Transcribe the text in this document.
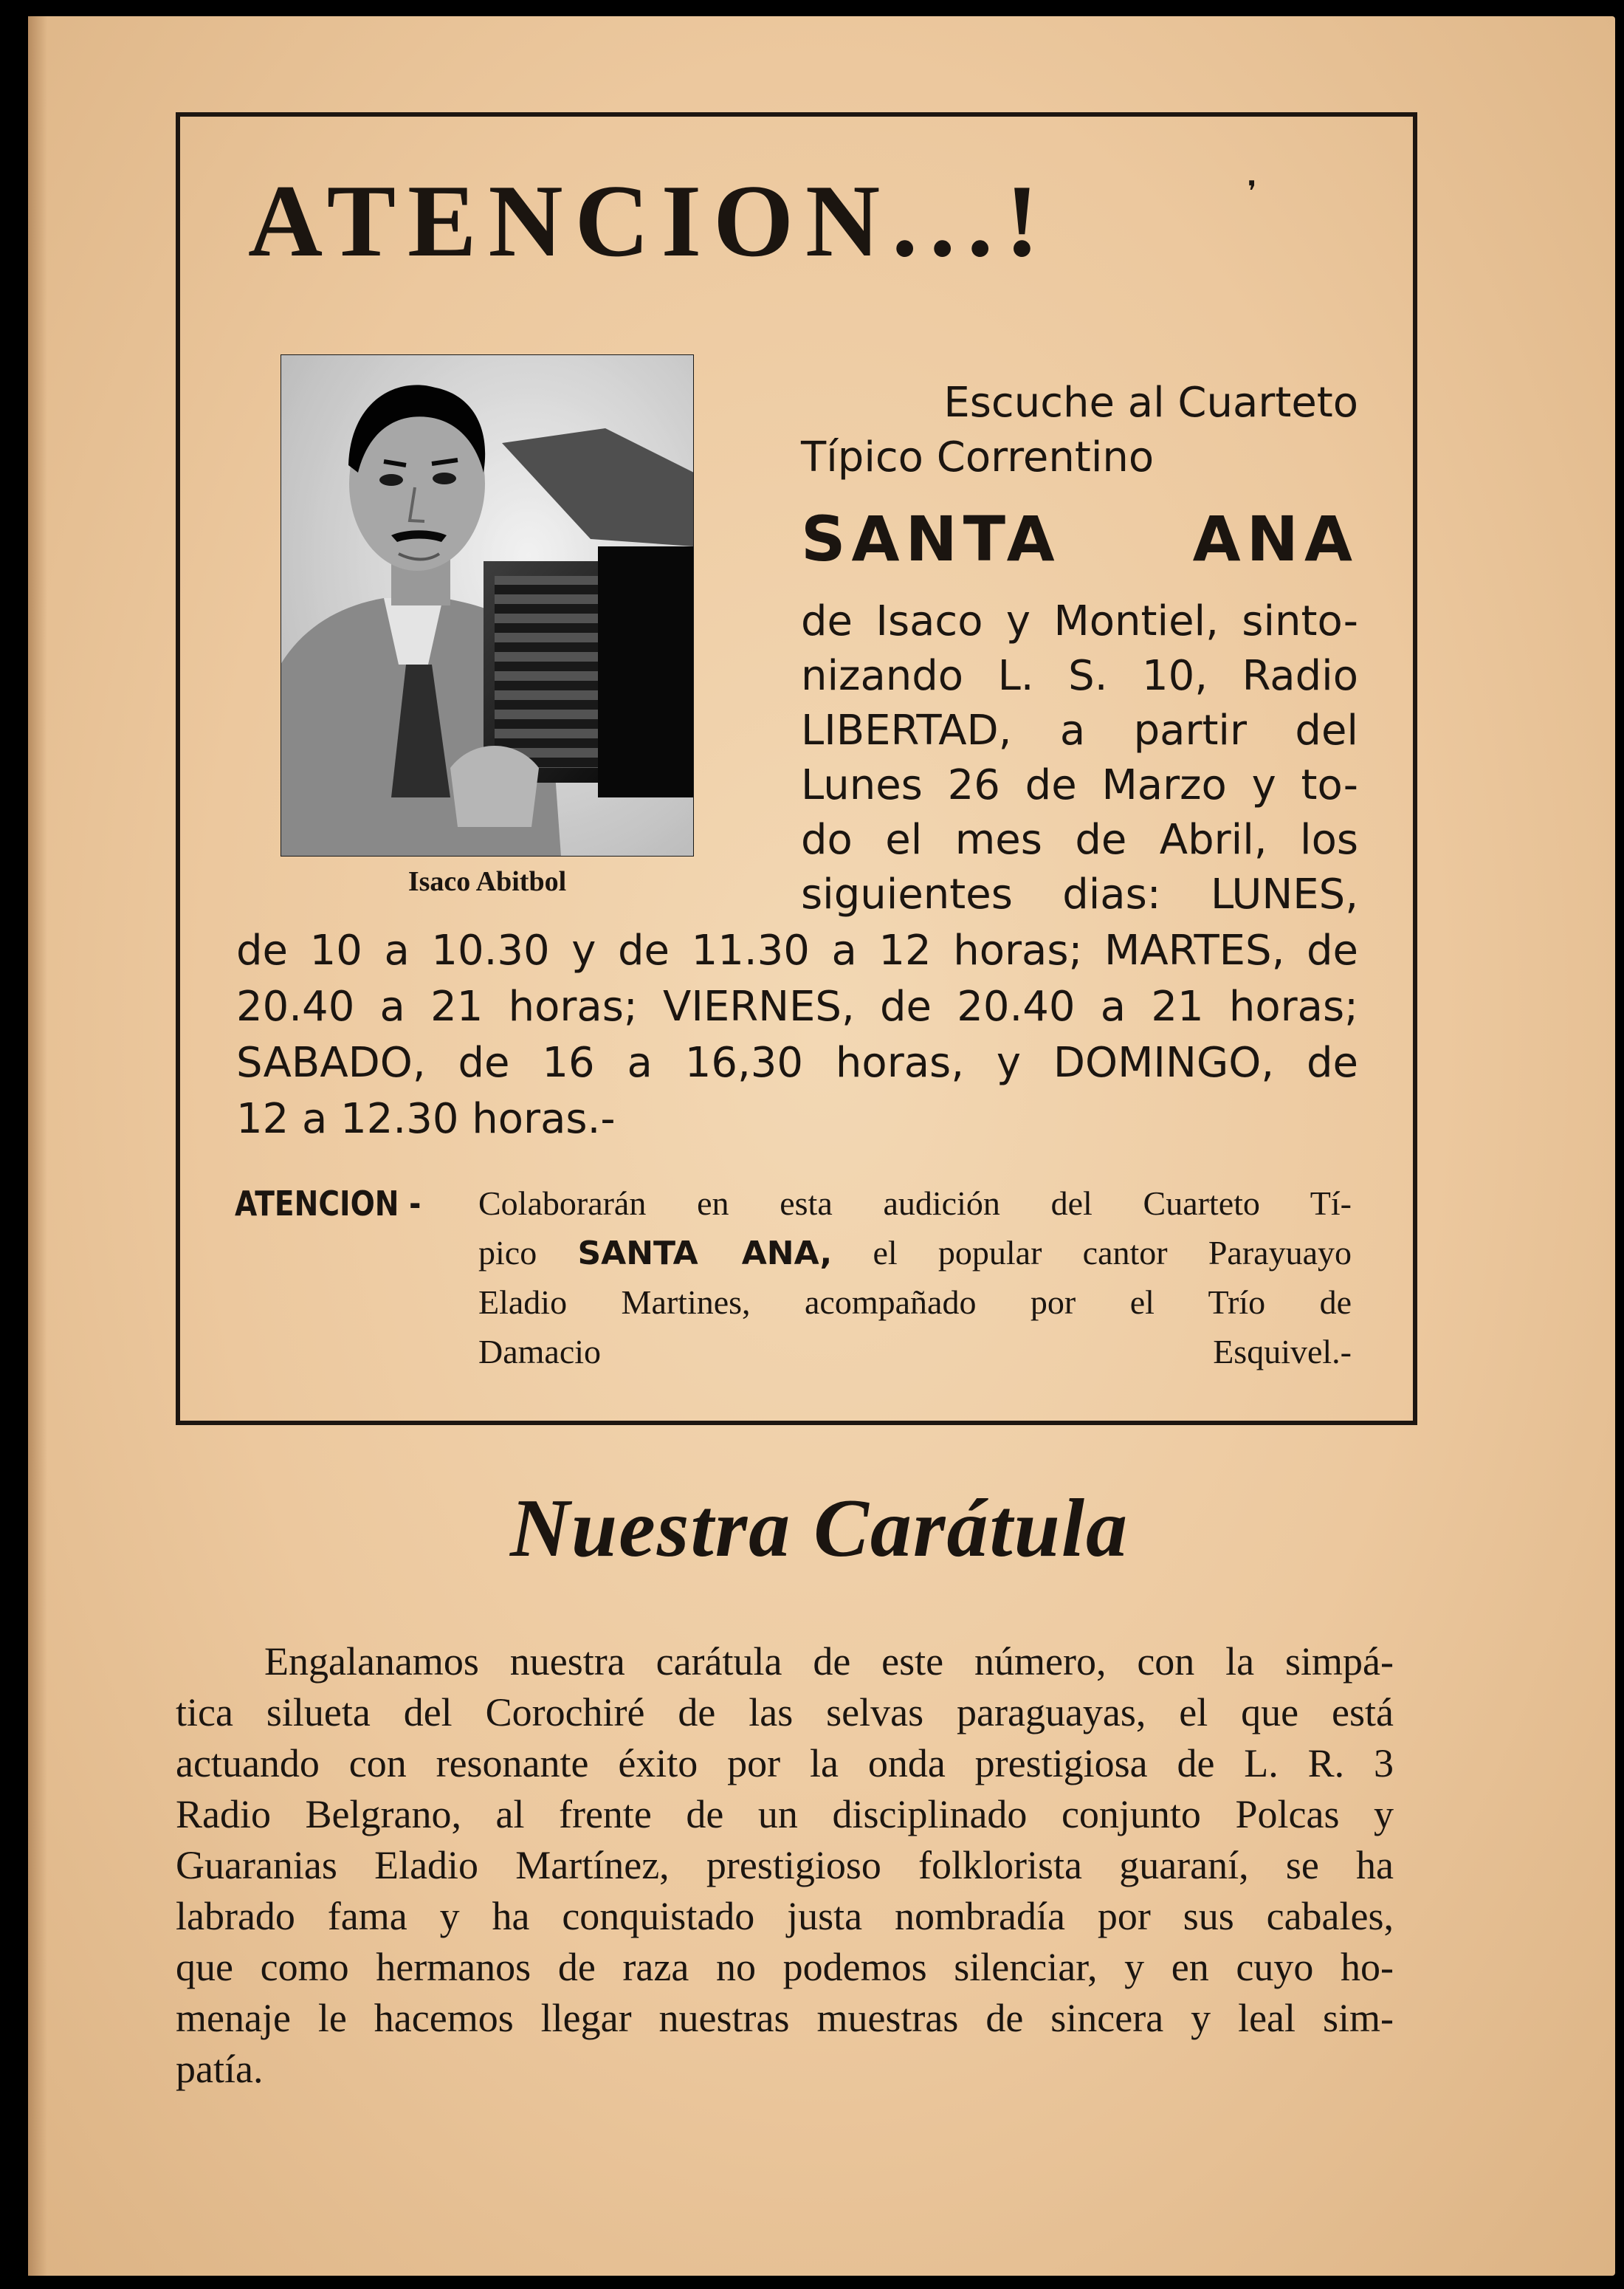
ATENCION...!	❜

Isaco Abitbol

Escuche al Cuarteto

Típico Correntino

SANTA ANA

de Isaco y Montiel, sinto-

nizando L. S. 10, Radio

LIBERTAD, a partir del

Lunes 26 de Marzo y to-

do el mes de Abril, los

siguientes dias: LUNES,

de 10 a 10.30 y de 11.30 a 12 horas; MARTES, de

20.40 a 21 horas; VIERNES, de 20.40 a 21 horas;

SABADO, de 16 a 16,30 horas, y DOMINGO, de

12 a 12.30 horas.-

ATENCION - Colaborarán en esta audición del Cuarteto Tí-

pico SANTA ANA, el popular cantor Parayuayo

Eladio Martines, acompañado por el Trío de

Damacio Esquivel.-

Nuestra Carátula

Engalanamos nuestra carátula de este número, con la simpá-

tica silueta del Corochiré de las selvas paraguayas, el que está

actuando con resonante éxito por la onda prestigiosa de L. R. 3

Radio Belgrano, al frente de un disciplinado conjunto Polcas y

Guaranias Eladio Martínez, prestigioso folklorista guaraní, se ha

labrado fama y ha conquistado justa nombradía por sus cabales,

que como hermanos de raza no podemos silenciar, y en cuyo ho-

menaje le hacemos llegar nuestras muestras de sincera y leal sim-

patía.
